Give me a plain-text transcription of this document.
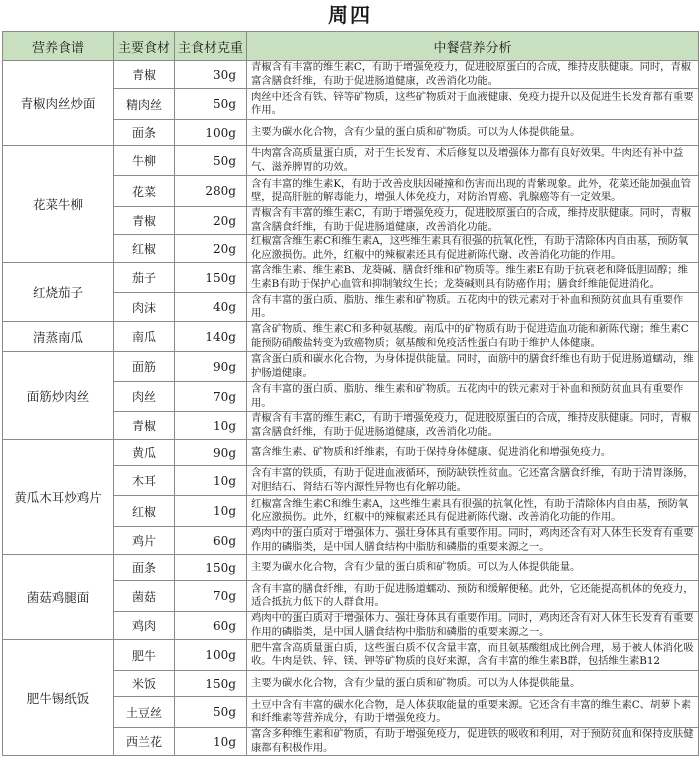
周四
营养食谱	主要食材	主食材克重	中餐营养分析
青椒肉丝炒面	青椒	30g	青椒含有丰富的维生素C，有助于增强免疫力，促进胶原蛋白的合成，维持皮肤健康。同时，青椒富含膳食纤维，有助于促进肠道健康，改善消化功能。
	精肉丝	50g	肉丝中还含有铁、锌等矿物质，这些矿物质对于血液健康、免疫力提升以及促进生长发育都有重要作用。
	面条	100g	主要为碳水化合物，含有少量的蛋白质和矿物质。可以为人体提供能量。
花菜牛柳	牛柳	50g	牛肉富含高质量蛋白质，对于生长发育、术后修复以及增强体力都有良好效果。牛肉还有补中益气、滋养脾胃的功效。
	花菜	280g	含有丰富的维生素K，有助于改善皮肤因碰撞和伤害而出现的青紫现象。此外，花菜还能加强血管壁，提高肝脏的解毒能力，增强人体免疫力，对防治胃癌、乳腺癌等有一定效果。
	青椒	20g	青椒含有丰富的维生素C，有助于增强免疫力，促进胶原蛋白的合成，维持皮肤健康。同时，青椒富含膳食纤维，有助于促进肠道健康，改善消化功能。
	红椒	20g	红椒富含维生素C和维生素A，这些维生素具有很强的抗氧化性，有助于清除体内自由基，预防氧化应激损伤。此外，红椒中的辣椒素还具有促进新陈代谢、改善消化功能的作用。
红烧茄子	茄子	150g	富含维生素、维生素B、龙葵碱、膳食纤维和矿物质等。维生素E有助于抗衰老和降低胆固醇；维生素B有助于保护心血管和抑制皱纹生长；龙葵碱则具有防癌作用；膳食纤维能促进消化。
	肉沫	40g	含有丰富的蛋白质、脂肪、维生素和矿物质。五花肉中的铁元素对于补血和预防贫血具有重要作用。
清蒸南瓜	南瓜	140g	富含矿物质、维生素C和多种氨基酸。南瓜中的矿物质有助于促进造血功能和新陈代谢；维生素C能预防硝酸盐转变为致癌物质；氨基酸和免疫活性蛋白有助于维护人体健康。
面筋炒肉丝	面筋	90g	富含蛋白质和碳水化合物，为身体提供能量。同时，面筋中的膳食纤维也有助于促进肠道蠕动，维护肠道健康。
	肉丝	70g	含有丰富的蛋白质、脂肪、维生素和矿物质。五花肉中的铁元素对于补血和预防贫血具有重要作用。
	青椒	10g	青椒含有丰富的维生素C，有助于增强免疫力，促进胶原蛋白的合成，维持皮肤健康。同时，青椒富含膳食纤维，有助于促进肠道健康，改善消化功能。
黄瓜木耳炒鸡片	黄瓜	90g	富含维生素、矿物质和纤维素，有助于保持身体健康、促进消化和增强免疫力。
	木耳	10g	含有丰富的铁质，有助于促进血液循环，预防缺铁性贫血。它还富含膳食纤维，有助于清胃涤肠，对胆结石、肾结石等内源性异物也有化解功能。
	红椒	10g	红椒富含维生素C和维生素A，这些维生素具有很强的抗氧化性，有助于清除体内自由基，预防氧化应激损伤。此外，红椒中的辣椒素还具有促进新陈代谢、改善消化功能的作用。
	鸡片	60g	鸡肉中的蛋白质对于增强体力、强壮身体具有重要作用。同时，鸡肉还含有对人体生长发育有重要作用的磷脂类，是中国人膳食结构中脂肪和磷脂的重要来源之一。
菌菇鸡腿面	面条	150g	主要为碳水化合物，含有少量的蛋白质和矿物质。可以为人体提供能量。
	菌菇	70g	含有丰富的膳食纤维，有助于促进肠道蠕动、预防和缓解便秘。此外，它还能提高机体的免疫力，适合抵抗力低下的人群食用。
	鸡肉	60g	鸡肉中的蛋白质对于增强体力、强壮身体具有重要作用。同时，鸡肉还含有对人体生长发育有重要作用的磷脂类，是中国人膳食结构中脂肪和磷脂的重要来源之一。
肥牛锡纸饭	肥牛	100g	肥牛富含高质量蛋白质，这些蛋白质不仅含量丰富，而且氨基酸组成比例合理，易于被人体消化吸收。牛肉是铁、锌、镁、钾等矿物质的良好来源，含有丰富的维生素B群，包括维生素B12
	米饭	150g	主要为碳水化合物，含有少量的蛋白质和矿物质。可以为人体提供能量。
	土豆丝	50g	土豆中含有丰富的碳水化合物，是人体获取能量的重要来源。它还含有丰富的维生素C、胡萝卜素和纤维素等营养成分，有助于增强免疫力。
	西兰花	10g	富含多种维生素和矿物质，有助于增强免疫力，促进铁的吸收和利用，对于预防贫血和保持皮肤健康都有积极作用。
